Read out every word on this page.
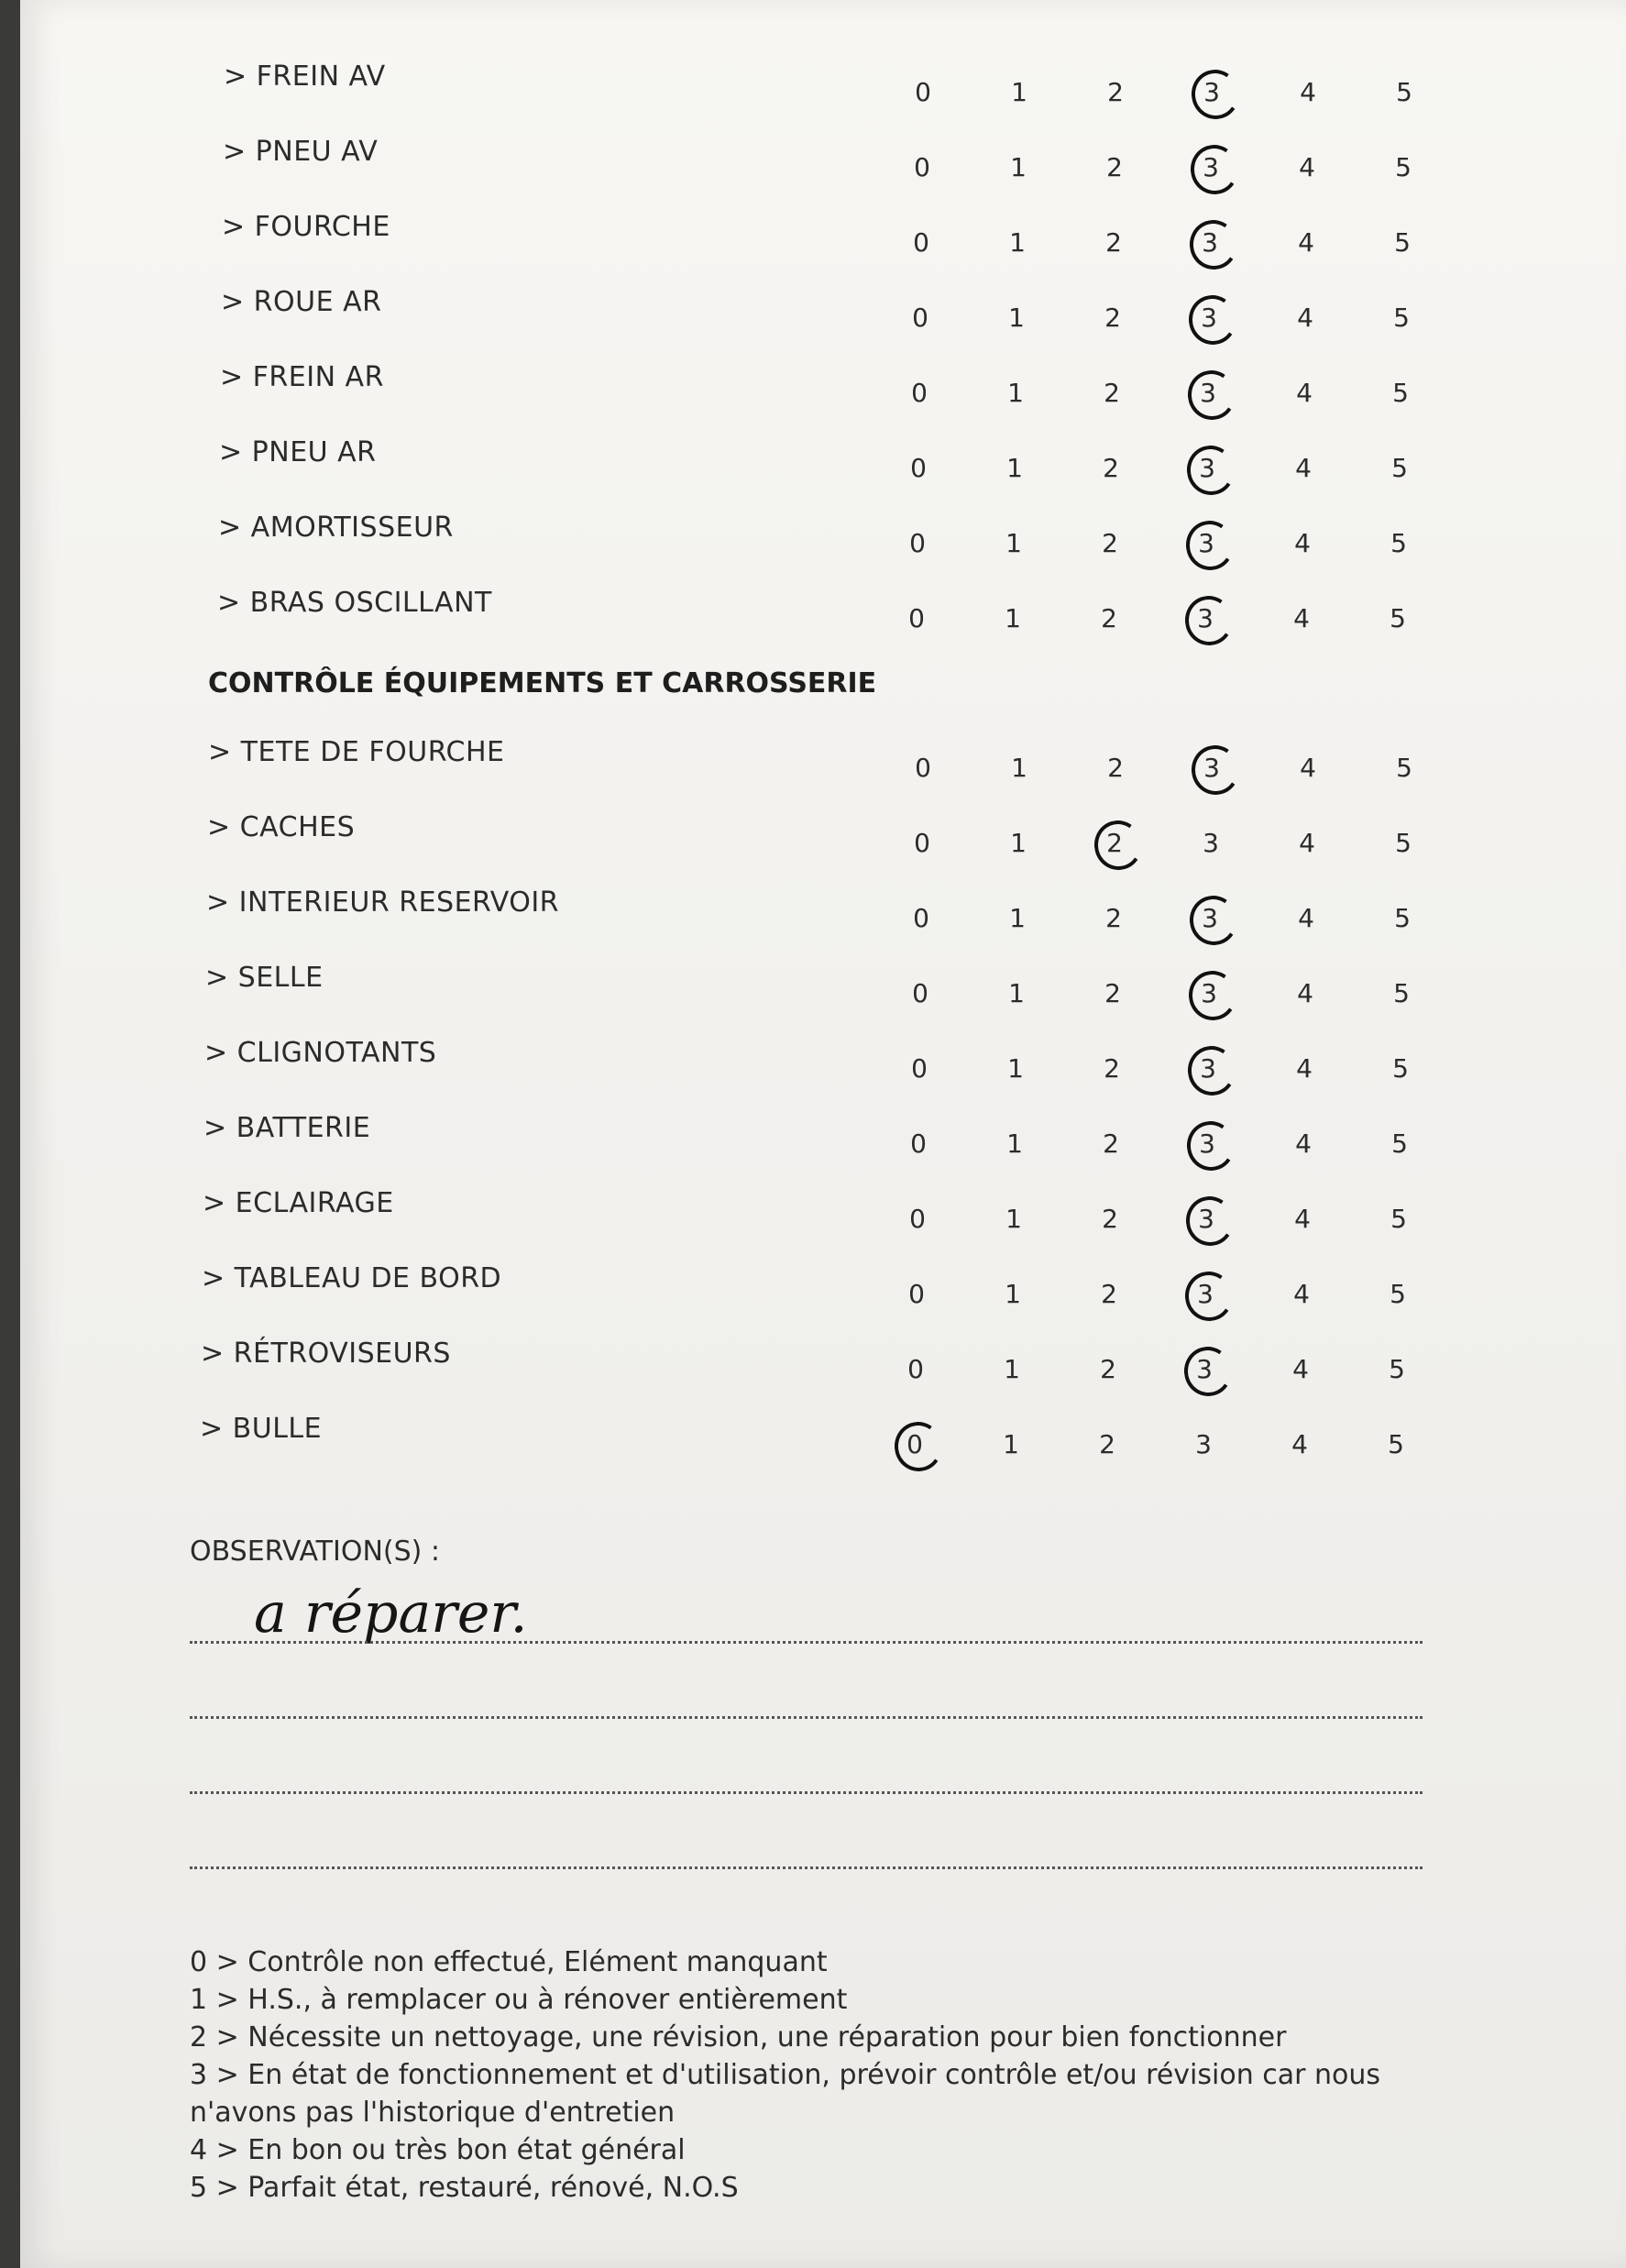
> FREIN AV	0	1	2	3	4	5
> PNEU AV	0	1	2	3	4	5
> FOURCHE	0	1	2	3	4	5
> ROUE AR	0	1	2	3	4	5
> FREIN AR	0	1	2	3	4	5
> PNEU AR	0	1	2	3	4	5
> AMORTISSEUR	0	1	2	3	4	5
> BRAS OSCILLANT	0	1	2	3	4	5
> TETE DE FOURCHE	0	1	2	3	4	5
> CACHES	0	1	2	3	4	5
> INTERIEUR RESERVOIR	0	1	2	3	4	5
> SELLE	0	1	2	3	4	5
> CLIGNOTANTS	0	1	2	3	4	5
> BATTERIE	0	1	2	3	4	5
> ECLAIRAGE	0	1	2	3	4	5
> TABLEAU DE BORD	0	1	2	3	4	5
> RÉTROVISEURS	0	1	2	3	4	5
> BULLE	0	1	2	3	4	5
CONTRÔLE ÉQUIPEMENTS ET CARROSSERIE
OBSERVATION(S) :
a réparer.
0 > Contrôle non effectué, Elément manquant
1 > H.S., à remplacer ou à rénover entièrement
2 > Nécessite un nettoyage, une révision, une réparation pour bien fonctionner
3 > En état de fonctionnement et d'utilisation, prévoir contrôle et/ou révision car nous
n'avons pas l'historique d'entretien
4 > En bon ou très bon état général
5 > Parfait état, restauré, rénové, N.O.S
